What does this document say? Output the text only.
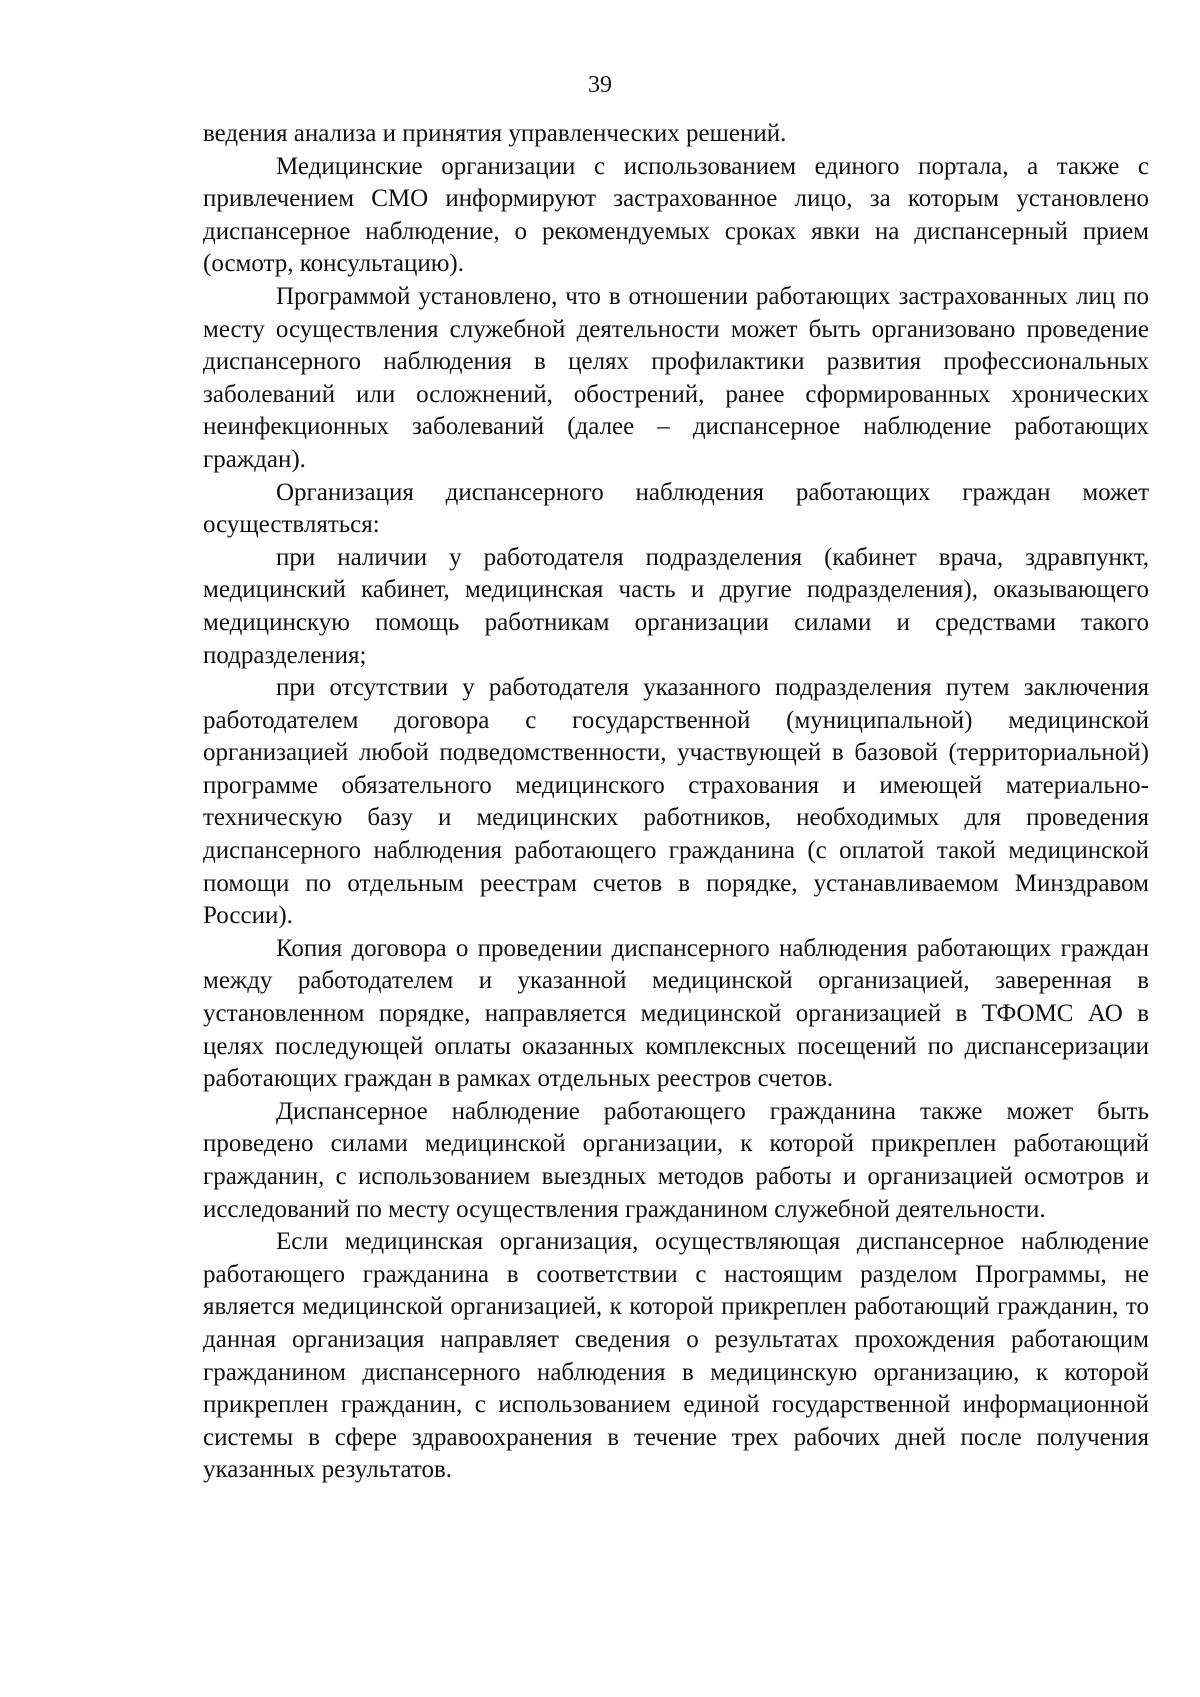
39

ведения анализа и принятия управленческих решений.

Медицинские организации с использованием единого портала, а также с привлечением СМО информируют застрахованное лицо, за которым установлено диспансерное наблюдение, о рекомендуемых сроках явки на диспансерный прием (осмотр, консультацию).

Программой установлено, что в отношении работающих застрахованных лиц по месту осуществления служебной деятельности может быть организовано проведение диспансерного наблюдения в целях профилактики развития профессиональных заболеваний или осложнений, обострений, ранее сформированных хронических неинфекционных заболеваний (далее – диспансерное наблюдение работающих граждан).

Организация диспансерного наблюдения работающих граждан может осуществляться:

при наличии у работодателя подразделения (кабинет врача, здравпункт, медицинский кабинет, медицинская часть и другие подразделения), оказывающего медицинскую помощь работникам организации силами и средствами такого подразделения;

при отсутствии у работодателя указанного подразделения путем заключения работодателем договора с государственной (муниципальной) медицинской организацией любой подведомственности, участвующей в базовой (территориальной) программе обязательного медицинского страхования и имеющей материально-техническую базу и медицинских работников, необходимых для проведения диспансерного наблюдения работающего гражданина (с оплатой такой медицинской помощи по отдельным реестрам счетов в порядке, устанавливаемом Минздравом России).

Копия договора о проведении диспансерного наблюдения работающих граждан между работодателем и указанной медицинской организацией, заверенная в установленном порядке, направляется медицинской организацией в ТФОМС АО в целях последующей оплаты оказанных комплексных посещений по диспансеризации работающих граждан в рамках отдельных реестров счетов.

Диспансерное наблюдение работающего гражданина также может быть проведено силами медицинской организации, к которой прикреплен работающий гражданин, с использованием выездных методов работы и организацией осмотров и исследований по месту осуществления гражданином служебной деятельности.

Если медицинская организация, осуществляющая диспансерное наблюдение работающего гражданина в соответствии с настоящим разделом Программы, не является медицинской организацией, к которой прикреплен работающий гражданин, то данная организация направляет сведения о результатах прохождения работающим гражданином диспансерного наблюдения в медицинскую организацию, к которой прикреплен гражданин, с использованием единой государственной информационной системы в сфере здравоохранения в течение трех рабочих дней после получения указанных результатов.
